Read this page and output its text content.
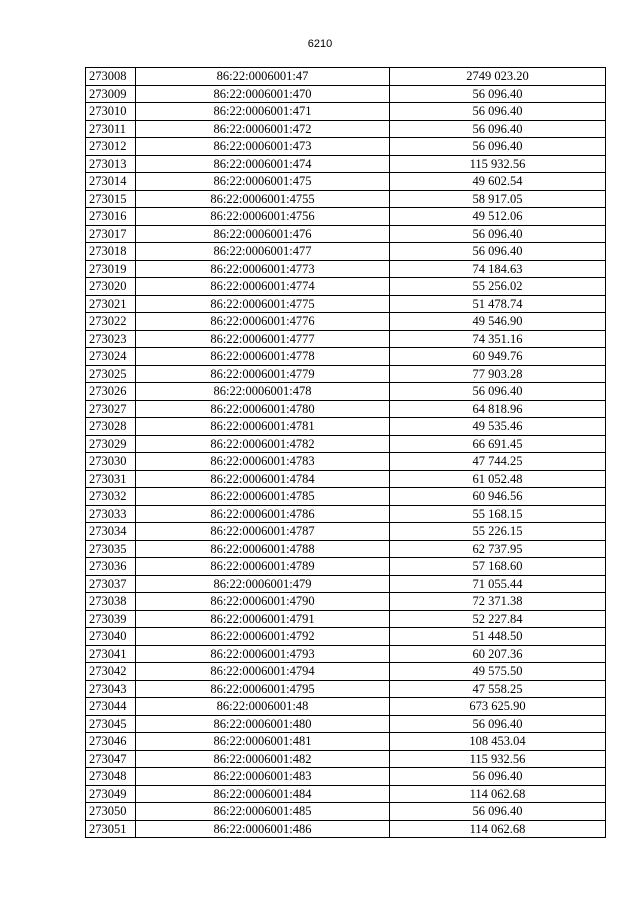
6210
273008	86:22:0006001:47	2749 023.20
273009	86:22:0006001:470	56 096.40
273010	86:22:0006001:471	56 096.40
273011	86:22:0006001:472	56 096.40
273012	86:22:0006001:473	56 096.40
273013	86:22:0006001:474	115 932.56
273014	86:22:0006001:475	49 602.54
273015	86:22:0006001:4755	58 917.05
273016	86:22:0006001:4756	49 512.06
273017	86:22:0006001:476	56 096.40
273018	86:22:0006001:477	56 096.40
273019	86:22:0006001:4773	74 184.63
273020	86:22:0006001:4774	55 256.02
273021	86:22:0006001:4775	51 478.74
273022	86:22:0006001:4776	49 546.90
273023	86:22:0006001:4777	74 351.16
273024	86:22:0006001:4778	60 949.76
273025	86:22:0006001:4779	77 903.28
273026	86:22:0006001:478	56 096.40
273027	86:22:0006001:4780	64 818.96
273028	86:22:0006001:4781	49 535.46
273029	86:22:0006001:4782	66 691.45
273030	86:22:0006001:4783	47 744.25
273031	86:22:0006001:4784	61 052.48
273032	86:22:0006001:4785	60 946.56
273033	86:22:0006001:4786	55 168.15
273034	86:22:0006001:4787	55 226.15
273035	86:22:0006001:4788	62 737.95
273036	86:22:0006001:4789	57 168.60
273037	86:22:0006001:479	71 055.44
273038	86:22:0006001:4790	72 371.38
273039	86:22:0006001:4791	52 227.84
273040	86:22:0006001:4792	51 448.50
273041	86:22:0006001:4793	60 207.36
273042	86:22:0006001:4794	49 575.50
273043	86:22:0006001:4795	47 558.25
273044	86:22:0006001:48	673 625.90
273045	86:22:0006001:480	56 096.40
273046	86:22:0006001:481	108 453.04
273047	86:22:0006001:482	115 932.56
273048	86:22:0006001:483	56 096.40
273049	86:22:0006001:484	114 062.68
273050	86:22:0006001:485	56 096.40
273051	86:22:0006001:486	114 062.68
